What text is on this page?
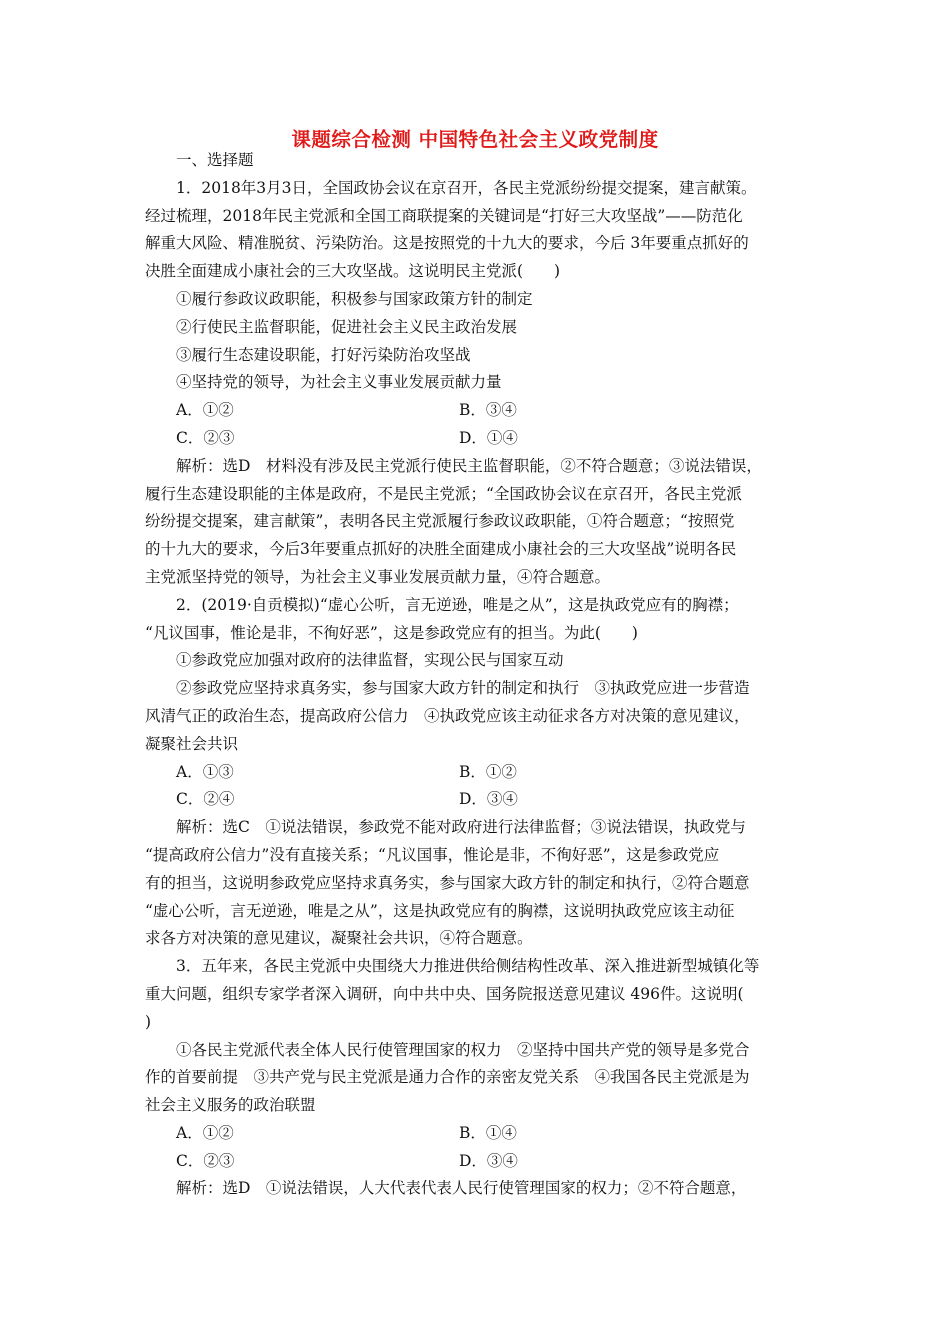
课题综合检测 中国特色社会主义政党制度
一、选择题
1．2018年3月3日，全国政协会议在京召开，各民主党派纷纷提交提案，建言献策。
经过梳理，2018年民主党派和全国工商联提案的关键词是“打好三大攻坚战”——防范化
解重大风险、精准脱贫、污染防治。这是按照党的十九大的要求，今后 3年要重点抓好的
决胜全面建成小康社会的三大攻坚战。这说明民主党派(　　)
①履行参政议政职能，积极参与国家政策方针的制定
②行使民主监督职能，促进社会主义民主政治发展
③履行生态建设职能，打好污染防治攻坚战
④坚持党的领导，为社会主义事业发展贡献力量
A．①②	B．③④
C．②③	D．①④
解析：选D　材料没有涉及民主党派行使民主监督职能，②不符合题意；③说法错误，
履行生态建设职能的主体是政府，不是民主党派；“全国政协会议在京召开，各民主党派
纷纷提交提案，建言献策”，表明各民主党派履行参政议政职能，①符合题意；“按照党
的十九大的要求，今后3年要重点抓好的决胜全面建成小康社会的三大攻坚战”说明各民
主党派坚持党的领导，为社会主义事业发展贡献力量，④符合题意。
2．(2019·自贡模拟)“虚心公听，言无逆逊，唯是之从”，这是执政党应有的胸襟；
“凡议国事，惟论是非，不徇好恶”，这是参政党应有的担当。为此(　　)
①参政党应加强对政府的法律监督，实现公民与国家互动
②参政党应坚持求真务实，参与国家大政方针的制定和执行　③执政党应进一步营造
风清气正的政治生态，提高政府公信力　④执政党应该主动征求各方对决策的意见建议，
凝聚社会共识
A．①③	B．①②
C．②④	D．③④
解析：选C　①说法错误，参政党不能对政府进行法律监督；③说法错误，执政党与
“提高政府公信力”没有直接关系；“凡议国事，惟论是非，不徇好恶”，这是参政党应
有的担当，这说明参政党应坚持求真务实，参与国家大政方针的制定和执行，②符合题意
“虚心公听，言无逆逊，唯是之从”，这是执政党应有的胸襟，这说明执政党应该主动征
求各方对决策的意见建议，凝聚社会共识，④符合题意。
3．五年来，各民主党派中央围绕大力推进供给侧结构性改革、深入推进新型城镇化等
重大问题，组织专家学者深入调研，向中共中央、国务院报送意见建议 496件。这说明(
)
①各民主党派代表全体人民行使管理国家的权力　②坚持中国共产党的领导是多党合
作的首要前提　③共产党与民主党派是通力合作的亲密友党关系　④我国各民主党派是为
社会主义服务的政治联盟
A．①②	B．①④
C．②③	D．③④
解析：选D　①说法错误，人大代表代表人民行使管理国家的权力；②不符合题意，
